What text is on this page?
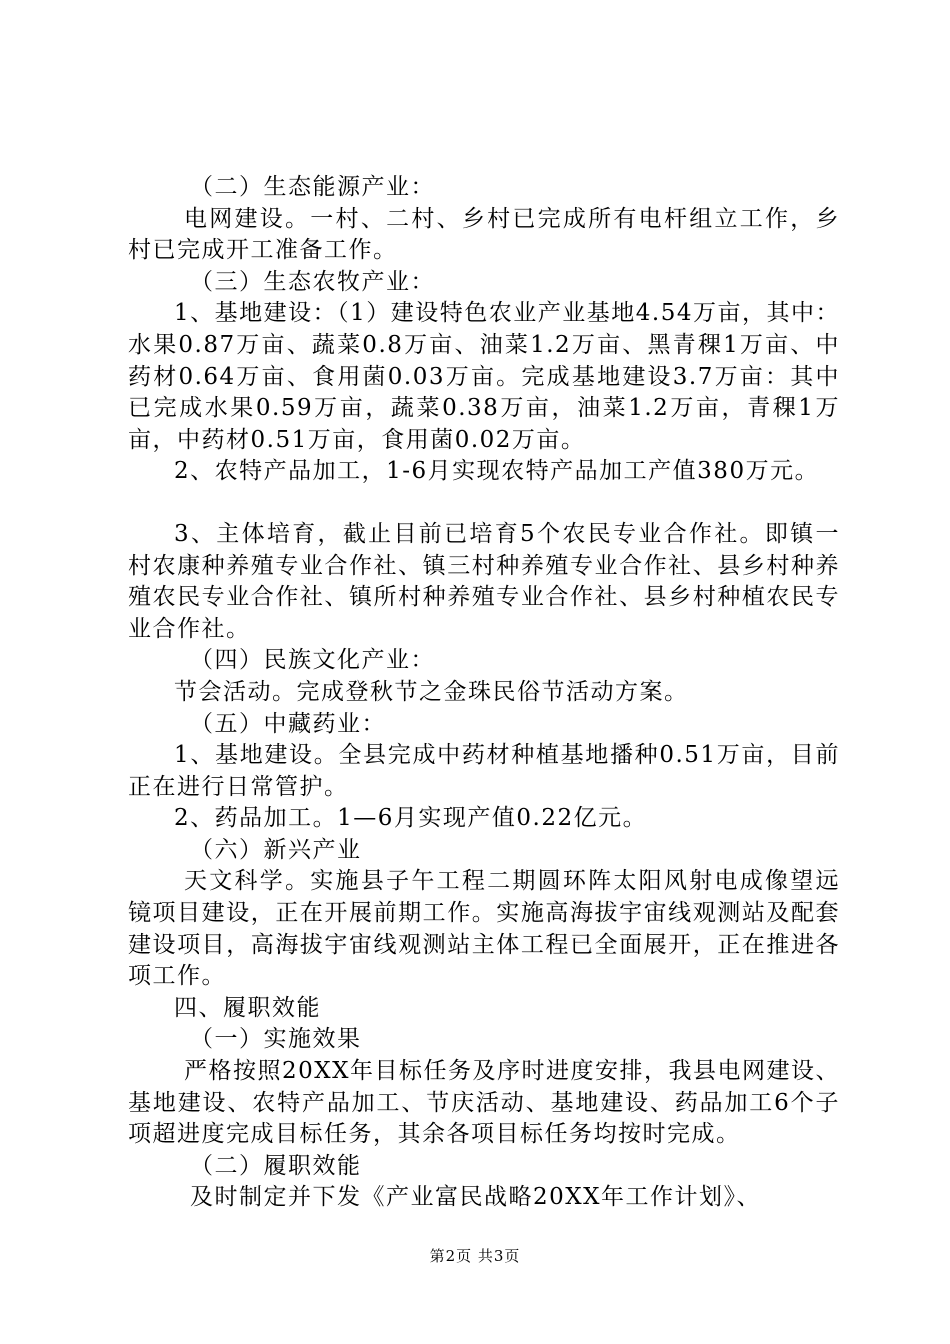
（二）生态能源产业：

电网建设。一村、二村、乡村已完成所有电杆组立工作，乡村已完成开工准备工作。

（三）生态农牧产业：

1、基地建设：（1）建设特色农业产业基地4.54万亩，其中：水果0.87万亩、蔬菜0.8万亩、油菜1.2万亩、黑青稞1万亩、中药材0.64万亩、食用菌0.03万亩。完成基地建设3.7万亩：其中已完成水果0.59万亩，蔬菜0.38万亩，油菜1.2万亩，青稞1万亩，中药材0.51万亩，食用菌0.02万亩。

2、农特产品加工，1-6月实现农特产品加工产值380万元。

3、主体培育，截止目前已培育5个农民专业合作社。即镇一村农康种养殖专业合作社、镇三村种养殖专业合作社、县乡村种养殖农民专业合作社、镇所村种养殖专业合作社、县乡村种植农民专业合作社。

（四）民族文化产业：

节会活动。完成登秋节之金珠民俗节活动方案。

（五）中藏药业：

1、基地建设。全县完成中药材种植基地播种0.51万亩，目前正在进行日常管护。

2、药品加工。1—6月实现产值0.22亿元。

（六）新兴产业

天文科学。实施县子午工程二期圆环阵太阳风射电成像望远镜项目建设，正在开展前期工作。实施高海拔宇宙线观测站及配套建设项目，高海拔宇宙线观测站主体工程已全面展开，正在推进各项工作。

四、履职效能

（一）实施效果

严格按照20XX年目标任务及序时进度安排，我县电网建设、基地建设、农特产品加工、节庆活动、基地建设、药品加工6个子项超进度完成目标任务，其余各项目标任务均按时完成。

（二）履职效能

及时制定并下发《产业富民战略20XX年工作计划》、

第2页 共3页
